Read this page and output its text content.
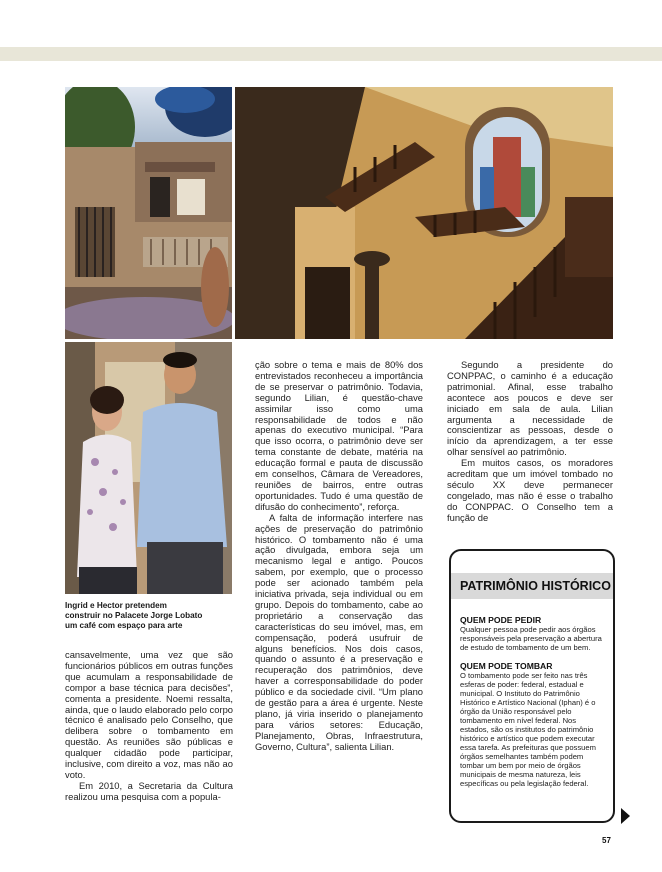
Ingrid e Hector pretendem
construir no Palacete Jorge Lobato
um café com espaço para arte

cansavelmente, uma vez que são funcionários públicos em outras funções que acumulam a responsabilidade de compor a base técnica para decisões”, comenta a presidente. Noemi ressalta, ainda, que o laudo elaborado pelo corpo técnico é analisado pelo Conselho, que delibera sobre o tombamento em questão. As reuniões são públicas e qualquer cidadão pode participar, inclusive, com direito a voz, mas não ao voto.

Em 2010, a Secretaria da Cultura realizou uma pesquisa com a popula-

ção sobre o tema e mais de 80% dos entrevistados reconheceu a importância de se preservar o patrimônio. Todavia, segundo Lilian, é questão-chave assimilar isso como uma responsabilidade de todos e não apenas do executivo municipal. “Para que isso ocorra, o patrimônio deve ser tema constante de debate, matéria na educação formal e pauta de discussão em conselhos, Câmara de Vereadores, reuniões de bairros, entre outras oportunidades. Tudo é uma questão de difusão do conhecimento”, reforça.

A falta de informação interfere nas ações de preservação do patrimônio histórico. O tombamento não é uma ação divulgada, embora seja um mecanismo legal e antigo. Poucos sabem, por exemplo, que o processo pode ser acionado também pela iniciativa privada, seja individual ou em grupo. Depois do tombamento, cabe ao proprietário a conservação das características do seu imóvel, mas, em compensação, poderá usufruir de alguns benefícios. Nos dois casos, quando o assunto é a preservação e recuperação dos patrimônios, deve haver a corresponsabilidade do poder público e da sociedade civil. “Um plano de gestão para a área é urgente. Neste plano, já viria inserido o planejamento para vários setores: Educação, Planejamento, Obras, Infraestrutura, Governo, Cultura”, salienta Lilian.

Segundo a presidente do CONPPAC, o caminho é a educação patrimonial. Afinal, esse trabalho acontece aos poucos e deve ser iniciado em sala de aula. Lilian argumenta a necessidade de conscientizar as pessoas, desde o início da aprendizagem, a ter esse olhar sensível ao patrimônio.

Em muitos casos, os moradores acreditam que um imóvel tombado no século XX deve permanecer congelado, mas não é esse o trabalho do CONPPAC. O Conselho tem a função de

PATRIMÔNIO HISTÓRICO
QUEM PODE PEDIR

Qualquer pessoa pode pedir aos órgãos responsáveis pela preservação a abertura de estudo de tombamento de um bem.

QUEM PODE TOMBAR

O tombamento pode ser feito nas três esferas de poder: federal, estadual e municipal. O Instituto do Patrimônio Histórico e Artístico Nacional (Iphan) é o órgão da União responsável pelo tombamento em nível federal. Nos estados, são os institutos do patrimônio histórico e artístico que podem executar essa tarefa. As prefeituras que possuem órgãos semelhantes também podem tombar um bem por meio de órgãos municipais de mesma natureza, leis específicas ou pela legislação federal.

57
